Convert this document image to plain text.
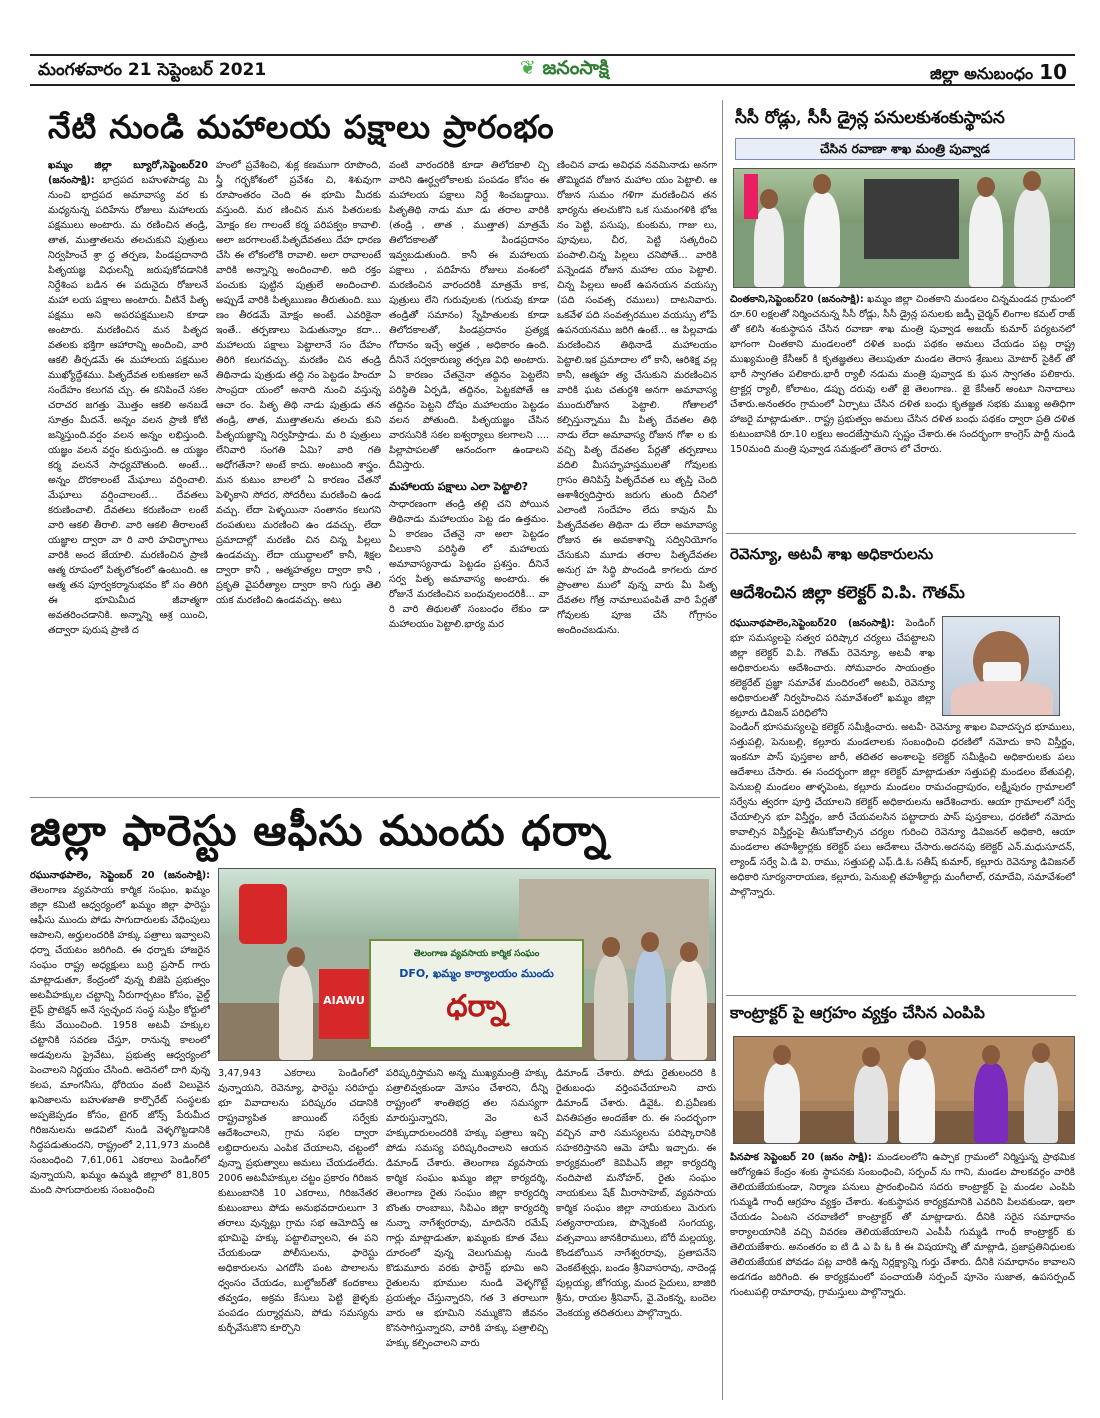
మంగళవారం 21 సెప్టెంబర్ 2021	❦ జనంసాక్షి	జిల్లా అనుబంధం 10
నేటి నుండి మహాలయ పక్షాలు ప్రారంభం

ఖమ్మం జిల్లా బ్యూరో,సెప్టెంబర్20 (జనంసాక్షి): భాద్రపద బహుళపాడ్య మి నుంచి భాద్రపద అమావాస్య వర కు మధ్యనున్న పదిహేను రోజులు మహాలయ పక్షములు అంటారు. మ రణించిన తండ్రి, తాత, ముత్తాతలను తలచుకుని పుత్రులు నిర్వహించే శ్రా ద్ధ తర్పణ, పిండప్రదానాది పితృయజ్ఞ విధులన్నీ జరుపుకోవడానికి నిర్దేశింప బడిన ఈ పదునైదు రోజులనే మహా లయ పక్షాలు అంటారు. వీటినే పితృ పక్షము అని అపరపక్షములని కూడా అంటారు. మరణించిన మన పితృద వతలకు భక్తిగా ఆహారాన్ని అందించి, వారి ఆకలి తీర్చడమే ఈ మహాలయ పక్షముల ముఖ్యోద్దేశము. పితృదేవత లకుఆకలా అనే సందేహం కలుగవ చ్చు. ఈ కనిపించే సకల చరాచర జగత్తు మొత్తం ఆకలి అనబడే సూత్రం మీదనే. అన్నం వలన ప్రాణి కోటి జన్మిస్తుంది.వర్షం వలన అన్నం లభిస్తుంది. యజ్ఞం వలన వర్షం కురుస్తుంది. ఆ యజ్ఞం కర్మ వలననే సాధ్యమౌతుంది. అంటే... అన్నం దొరకాలంటే మేఘాలు వర్షించాలి. మేఘాలు వర్షించాలంటే... దేవతలు కరుణించాలి. దేవతలు కరుణించా లంటే వారి ఆకలి తీరాలి. వారి ఆకలి తీరాలంటే యజ్ఞాల ద్వారా వా రి వారి హవిర్భాగాలు వారికి అంద జేయాలి. మరణించిన ప్రాణి ఆత్మ రూపంలో పితృలోకంలో ఉంటుంది. ఆ ఆత్మ తన పూర్వకర్మానుభవం కో సం తిరిగి ఈ భూమిమీద జీవాత్మగా అవతరించడానికి. అన్నాన్ని ఆశ్ర యించి, తద్వారా పురుష ప్రాణి ద

హంలో ప్రవేశించి, శుక్ల కణముగా రూపొంది, స్త్రీ గర్భకోశంలో ప్రవేశం చి, శిశువుగా రూపాంతరం చెంది ఈ భూమి మీదకు వస్తుంది. మర ణించిన మన పితరులకు మోక్షం కల గాలంటే కర్మ పరిపక్వం కావాలి. అలా జరగాలంటే.పితృదేవతలు దేహ ధారణ చేసి ఈ లోకంలోకి రావాలి. అలా రావాలంటే వారికి అన్నాన్ని అందించాలి. అది రక్తం పంచుకు పుట్టిన పుత్రులే అందించాలి. అప్పుడే వారికి పితృఋణం తీరుతుంది. ఋ ణం తీరడమే మోక్షం అంటే. ఎవరికైనా ఇంతే.. తర్పణాలు పెడుతున్నాం కదా... మహాలయ పక్షాలు పెట్టాలానే సం దేహం తిరిగి కలుగవచ్చు. మరణిం చిన తండ్రి తిథినాడు పుత్రుడు తద్ది నం పెట్టడం హిందూ సాంప్రదా యంలో అనాది నుంచి వస్తున్న ఆచా రం. పితృ తిథి నాడు పుత్రుడు తన తండ్రి, తాత, ముత్తాతలను తలచు కుని పితృయజ్ఞాన్ని నిర్వహిస్తాడు. మ రి పుత్రులు లేనివారి సంగతి ఏమి? వారి గతి అధోగతేనా? అంటే కాదు. అంటుంది శాస్త్రం. మన కుటుం బాలలో ఏ కారణం చేతనో పెళ్ళికాని సోదర, సోదరీలు మరణించి ఉండ వచ్చు. లేదా పెళ్ళయినా సంతానం కలుగని దంపతులు మరణించి ఉం డవచ్చు. లేదా ప్రమాదాల్లో మరణిం చిన చిన్న పిల్లలు ఉండవచ్చు. లేదా యుద్ధాలలో కానీ, శిక్షల ద్వారా కానీ , ఆత్మహత్యల ద్వారా కానీ , ప్రకృతి వైపరీత్యాల ద్వారా కాని గుర్తు తెలి యక మరణించి ఉండవచ్చు. అటు

వంటి వారందరికి కూడా తిలోదకాలి చ్చి వారిని ఊర్ధ్వలోకాలకు పంపడం కోసం ఈ మహాలయ పక్షాలు నిర్దే శించబడ్డాయి. పితృతిథి నాడు మూ డు తరాల వారికి (తండ్రి , తాత , ముత్తాత) మాత్రమే తిలోదకాలతో పిండప్రదానం ఇవ్వబడుతుంది. కానీ ఈ మహాలయ పక్షాలు , పదిహేను రోజులు వంశంలో మరణించిన వారందరికీ మాత్రమే కాక, పుత్రులు లేని గురువులకు (గురువు కూడా తండ్రితో సమానం) స్నేహితులకు కూడా తిలోదకాలతో, పిండప్రదానం ప్రత్యక్ష గోదానం ఇచ్చే అర్హత , అధికారం ఉంది. దీనినే సర్వకారుణ్య తర్పణ విధి అంటారు. ఏ కారణం చేతనైనా తద్దినం పెట్టలేని పరిస్థితి ఏర్పడి, తద్దినం, పెట్టకపోతే ఆ తద్దినం పెట్టని దోషం మహాలయం పెట్టడం వలన పోతుంది. పితృయజ్ఞం చేసిన వారసునికి సకల ఐశ్వర్యాలు కలగాలని .... పిల్లాపాపలతో ఆనందంగా ఉండాలని దీవిస్తారు.

మహాలయ పక్షాలు ఎలా పెట్టాలి?

సాధారణంగా తండ్రి తల్లి చని పోయిన తిథినాడు మహాలయం పెట్ట డం ఉత్తమం. ఏ కారణం చేతనై నా అలా పెట్టడం వీలుకాని పరిస్థితి లో మహాలయ అమావాస్యనాడు పెట్టడం ప్రశస్తం. దీనినే సర్వ పితృ అమావాస్య అంటారు. ఈ రోజునే మరణించిన బంధువులందరికీ... వా రి వారి తిథులతో సంబంధం లేకుం డా మహాలయం పెట్టాలి.భార్య మర

ణించిన వాడు అవిధవ నవమినాడు అనగా తొమ్మిదవ రోజున మహాల యం పెట్టాలి. ఆ రోజున సుమం గళిగా మరణించిన తన భార్యను తలచుకొని ఒక సుమంగళికి భోజ నం పెట్టి, పసుపు, కుంకుమ, గాజు లు, పూవులు, చీర, పెట్టి సత్కరించి పంపాలి.చిన్న పిల్లలు చనిపోతే... వారికి పన్నెండవ రోజున మహాల యం పెట్టాలి. చిన్న పిల్లలు అంటే ఉపనయన వయస్సు (పది సంవత్స రములు) దాటనివారు. ఒకవేళ పది సంవత్సరముల వయస్సు లోపే ఉపనయనము జరిగి ఉంటే... ఆ పిల్లవాడు మరణించిన తిథినాడే మహాలయం పెట్టాలి.ఇక ప్రమాదాల లో కానీ, ఆరిశిక్ష వల్ల కానీ, ఆత్మహ త్య చేసుకుని మరణించిన వారికి ఘట చతుర్దశి అనగా అమావాస్య ముందురోజున పెట్టాలి. గోతాలలో కల్పిస్తున్నాము మీ పితృ దేవతల తిథి నాడు లేదా అమావాస్య రోజున గోశా ల కు వచ్చి పితృ దేవతల పేర్లతో తర్పణాలు వదిలి మీసహృహస్తములతో గోవులకు గ్రాసం తినిపిస్తే పితృదేవత లు తృప్తి చెంది ఆశాశీర్వదిస్తారు జరుగు తుంది దీనిలో ఎలాంటి సందేహం లేదు కావున మీ పితృదేవతల తిథినా డు లేదా అమావాస్య రోజున ఈ అవకాశాన్ని సద్వినియోగం చేసుకుని మూడు తరాల పితృదేవతల అనుగ్ర హ సిద్ధి పొందండి కాగలరు దూర ప్రాంతాల ములో వున్న వారు మీ పితృ దేవతల గోత్ర నామాలుపంపితే వారి పేర్లతో గోవులకు పూజ చేసి గోగ్రాసం అందించబడును.

జిల్లా ఫారెస్టు ఆఫీసు ముందు ధర్నా

రఘునాథపాలెం, సెప్టెంబర్ 20 (జనంసాక్షి): తెలంగాణ వ్యవసాయ కార్మిక సంఘం, ఖమ్మం జిల్లా కమిటి ఆధ్వర్యంలో ఖమ్మం జిల్లా ఫారెస్టు ఆఫీసు ముందు పోడు సాగుదారులకు వేధింపులు ఆపాలని, అర్హులందరికి హక్కు పత్రాలు ఇవ్వాలని ధర్నా చేయటం జరిగింది. ఈ ధర్నాకు హాజరైన సంఘం రాష్ట్ర అధ్యక్షులు బుర్రి ప్రసాద్ గారు మాట్లాడుతూ, కేంద్రంలో వున్న బిజెపి ప్రభుత్వం అటవీహక్కుల చట్టాన్ని నీరుగార్చటం కోసం, వైల్డ్ లైఫ్ ప్రొటెక్షన్ అనే స్వచ్ఛంద సంస్థ సుప్రీం కోర్టులో కేసు వేయించింది. 1958 అటవీ హక్కుల చట్టానికి సవరణ చేస్తూ, రానున్న కాలంలో అడవులను ప్రైవేటు, ప్రభుత్వ ఆధ్వర్యంలో పెంచాలని నిర్ణయం చేసింది. అదెనలో దాగి వున్న కలప, మాంగనీసు, థోరియం వంటి విలువైన ఖనిజాలను బహుళజాతి కార్పొరేట్ సంస్థలకు అప్పజెప్పడం కోసం, టైగర్ జోన్స్ పేరుమీద గిరిజనులను అడవిలో నుండి వెళ్ళగొట్టడానికి సిద్ధపడుతుందని, రాష్ట్రంలో 2,11,973 మందికి సంబంధించి 7,61,061 ఎకరాలు పెండింగ్‌లో వున్నాయని, ఖమ్మం ఉమ్మడి జిల్లాలో 81,805 మంది సాగుదారులకు సంబంధించి

తెలంగాణ వ్యవసాయ కార్మిక సంఘం
DFO, ఖమ్మం కార్యాలయం ముందు
ధర్నా
AIAWU

3,47,943 ఎకరాలు పెండింగ్‌లో వున్నాయని, రెవెన్యూ, ఫారెస్టు సరిహద్దు భూ వివాదాలను పరిష్కరం చడానికి రాష్ట్రవ్యాపిత జాయింట్ సర్వేకు ఆదేశించాలని, గ్రామ సభల ద్వారా లబ్దిదారులను ఎంపిక చేయాలని, చట్టంలో వున్నా ప్రభుత్వాలు అమలు చేయడంలేదు. 2006 అటవీహక్కుల చట్టం ప్రకారం గిరిజన కుటుంబానికి 10 ఎకరాలు, గిరిజనేతర కుటుంబాలు పోడు అనుభవదారులుగా 3 తరాలు వున్నట్లు గ్రామ సభ ఆమోదిస్తే ఆ భూమిపై హక్కు పట్టాలివ్వాలని, ఈ పని చేయకుండా పోలీసులను, ఫారెస్టు అధికారులను ఎగదోసి పంట పొలాలను ధ్వంసం చేయడం, బుల్డోజర్‌తో కందకాలు తవ్వడం, అక్రమ కేసులు పెట్టి జైళ్ళకు పంపడం దుర్మార్గమని, పోడు సమస్యను కుర్చీవేసుకొని కూర్చొని

పరిష్కరిస్తామని అన్న ముఖ్యమంత్రి హక్కు పత్రాలివ్వకుండా మోసం చేశారని, దీన్ని రాష్ట్రంలో శాంతిభద్ర తల సమస్యగా మారుస్తున్నారని, వెం టనే హక్కుదారులందరికి హక్కు పత్రాలు ఇచ్చి పోడు సమస్య పరిష్కరించాలని ఆయన డిమాండ్ చేశారు. తెలంగాణ వ్యవసాయ కార్మిక సంఘం ఖమ్మం జిల్లా కార్యదర్శి, తెలంగాణ రైతు సంఘం జిల్లా కార్యదర్శి బొంతు రాంబాబు, సిపిఎం జిల్లా కార్యదర్శి నున్నా నాగేశ్వరరావు, మాదినేని రమేష్ గార్లు మాట్లాడుతూ, ఖమ్మంకు కూత వేటు దూరంలో వున్న వెలుగుమట్ల నుండి కొడుమూరు వరకు ఫారెస్ట్ భూమి అని రైతులను భూముల నుండి వెళ్ళగొట్టే ప్రయత్నం చేస్తున్నారని, గత 3 తరాలుగా వారు ఆ భూమిని నమ్ముకొని జీవనం కొనసాగిస్తున్నారని, వారికి హక్కు పత్రాలిచ్చి హక్కు కల్పించాలని వారు

డిమాండ్ చేశారు. పోడు రైతులందరి కి రైతుబంధు వర్తింపచేయాలని వారు డిమాండ్ చేశారు. డివైఓ. బి.ప్రవీణకు వినతిపత్రం అందజేశా రు. ఈ సందర్భంగా వచ్చిన వారి సమస్యలను పరిష్కారానికి సహకరిస్తానని ఆమె హామీ ఇచ్చారు. ఈ కార్యక్రమంలో కెవిపిఎస్ జిల్లా కార్యదర్శి నందిపాటి మనోహర్, రైతు సంఘం నాయకులు షేక్ మీరాసాహెబ్, వ్యవసాయ కార్మిక సంఘం జిల్లా నాయకులు మెరుగు సత్యనారాయణ, పొన్నెకంటి సంగయ్య, వత్సవాయి జానకిరాములు, బోరీ మల్లయ్య, కొండబోయిన నాగేశ్వరరావు, ప్రతాపనేని వెంకటేశ్వర్లు, బండం శ్రీనివాసరావు, నాదెండ్ల పుల్లయ్య, జోగయ్య, మంద సైదులు, బాజిరి శ్రీను, రాయల శ్రీనివాస్, వై.వెంకన్న, బందెల వెంకయ్య తదితరులు పాల్గొన్నారు.

సీసీ రోడ్లు, సీసీ డ్రైన్ల పనులకుశంకుస్థాపన
చేసిన రవాణా శాఖ మంత్రి పువ్వాడ

చింతకాని,సెప్టెంబర్20 (జనంసాక్షి): ఖమ్మం జిల్లా చింతకాని మండలం చిన్నమండవ గ్రామంలో రూ.60 లక్షలతో నిర్మించనున్న సీసీ రోడ్లు, సీసీ డ్రైన్ల పనులకు జడ్పీ చైర్మన్ లింగాల కమల్ రాజ్ తో కలిసి శంకుస్థాపన చేసిన రవాణా శాఖ మంత్రి పువ్వాడ అజయ్ కుమార్ పర్యటనలో భాగంగా చింతకాని మండలంలో దళిత బంధు పథకం అమలు చేయడం పట్ల రాష్ట్ర ముఖ్యమంత్రి కేసీఆర్ కి కృతజ్ఞతలు తెలుపుతూ మండల తెరాస శ్రేణులు మోటార్ సైకిల్ తో భారీ స్వాగతం పలికారు.భారీ ర్యాలీ నడుమ మంత్రి పువ్వాడ కు ఘన స్వాగతం పలికారు. ట్రాక్టర్ల ర్యాలీ, కోలాటం, డప్పు దరువు లతో జై తెలంగాణ.. జై కేసీఆర్ అంటూ నినాదాలు చేశారు.అనంతరం గ్రామంలో ఏర్పాటు చేసిన దళిత బంధు కృతజ్ఞత సభకు ముఖ్య అతిధిగా హాజరై మాట్లాడుతూ.. రాష్ట్ర ప్రభుత్వం అమలు చేసిన దళిత బంధు పథకం ద్వారా ప్రతి దళిత కుటుంబానికి రూ.10 లక్షలు అందజేస్తామని స్పష్టం చేశారు.ఈ సందర్భంగా కాంగ్రెస్ పార్టీ నుండి 150మంది మంత్రి పువ్వాడ సమక్షంలో తెరాస లో చేరారు.

రెవెన్యూ, అటవీ శాఖ అధికారులను
ఆదేశించిన జిల్లా కలెక్టర్ వి.పి. గౌతమ్

రఘునాథపాలెం,సెప్టెంబర్20 (జనంసాక్షి): పెండింగ్ భూ సమస్యలపై సత్వర పరిష్కార చర్యలు చేపట్టాలని జిల్లా కలెక్టర్ వి.పి. గౌతమ్ రెవెన్యూ, అటవీ శాఖ అధికారులను ఆదేశించారు. సోమవారం సాయంత్రం కలెక్టరేట్ ప్రజ్ఞా సమావేశ మందిరంలో అటవీ, రెవెన్యూ అధికారులతో నిర్వహించిన సమావేశంలో ఖమ్మం జిల్లా కల్లూరు డివిజన్ పరిధిలోని

పెండింగ్ భూసమస్యలపై కలెక్టర్ సమీక్షించారు. అటవీ- రెవెన్యూ శాఖల వివాదస్పద భూములు, సత్తుపల్లి, పెనుబల్లి, కల్లూరు మండలాలకు సంబంధించి ధరణిలో నమోదు కాని విస్తీర్ణం, ఇంకనూ పాస్ పుస్తకాల జారీ, తదితర అంశాలపై కలెక్టర్ సమీక్షించి అధికారులకు పలు ఆదేశాలు చేసారు. ఈ సందర్భంగా జిల్లా కలెక్టర్ మాట్లాడుతూ సత్తుపల్లి మండలం బేతుపల్లి, పెనుబల్లి మండలం తాళ్ళపెంట, కల్లూరు మండలం రామచంద్రాపురం, లక్ష్మీపురం గ్రామాలలో సర్వేను త్వరగా పూర్తి చేయాలని కలెక్టర్ అధికారులను ఆదేశించారు. ఆయా గ్రామాలలో సర్వే చేయాల్సిన భూ విస్తీర్ణం, జారీ చేయవలసిన పట్టాదారు పాస్ పుస్తకాలు, ధరణిలో నమోదు కావాల్సిన విస్తీర్ణంపై తీసుకోవాల్సిన చర్యల గురించి రెవెన్యూ డివిజనల్ అధికారి, ఆయా మండలాల తహశీల్దార్లకు కలెక్టర్ పలు ఆదేశాలు చేసారు.అదనపు కలెక్టర్ ఎన్.మధుసూదన్, ల్యాండ్ సర్వే ఏ.డి వి. రాము, సత్తుపల్లి ఎఫ్.డి.ఓ సతీష్ కుమార్, కల్లూరు రెవెన్యూ డివిజనల్ అధికారి సూర్యనారాయణ, కల్లూరు, పెనుబల్లి తహశీల్దార్లు మంగీలాల్, రమాదేవి, సమావేశంలో పాల్గొన్నారు.

కాంట్రాక్టర్ పై ఆగ్రహం వ్యక్తం చేసిన ఎంపిపి

పినపాక సెప్టెంబర్ 20 (జనం సాక్షి): మండలంలోని ఉప్పాక గ్రామంలో నిర్మిస్తున్న ప్రాథమిక ఆరోగ్యఉప కేంద్రం శంకు స్థాపనకు సంబంధించి, సర్పంచ్ ను గాని, మండల పాలకవర్గం వారికి తెలియజేయకుండా, నిర్మాణ పనులు ప్రారంభించిన సదరు కాంట్రాక్టర్ పై మండల ఎంపిపి గుమ్మడి గాంధీ ఆగ్రహం వ్యక్తం చేశారు. శంకుస్థాపన కార్యక్రమానికి ఎవరిని పిలవకుండా, ఇలా చేయడం ఏంటని చరవాణిలో కాంట్రాక్టర్ తో మాట్లాడారు. దీనికి సరైన సమాధానం కార్యాలయానికి వచ్చి వివరణ తెలియజేయాలని ఎంపీపీ గుమ్మడి గాంధీ కాంట్రాక్టర్ కు తెలియజేశారు. అనంతరం ఐ టి డి ఎ పి ఓ కి ఈ విషయాన్ని తో మాట్లాడి, ప్రజాప్రతినిధులకు తెలియజేయక పోవడం పట్ల వారికి ఉన్న నిర్లక్ష్యాన్ని గుర్తు చేశారు. దీనికి సమాధానం కావాలని అడగడం జరిగింది. ఈ కార్యక్రమంలో పంచాయతీ సర్పంచ్ పూనెం సుజాత, ఉపసర్పంచ్ గుంటుపల్లి రామారావు, గ్రామస్తులు పాల్గొన్నారు.
